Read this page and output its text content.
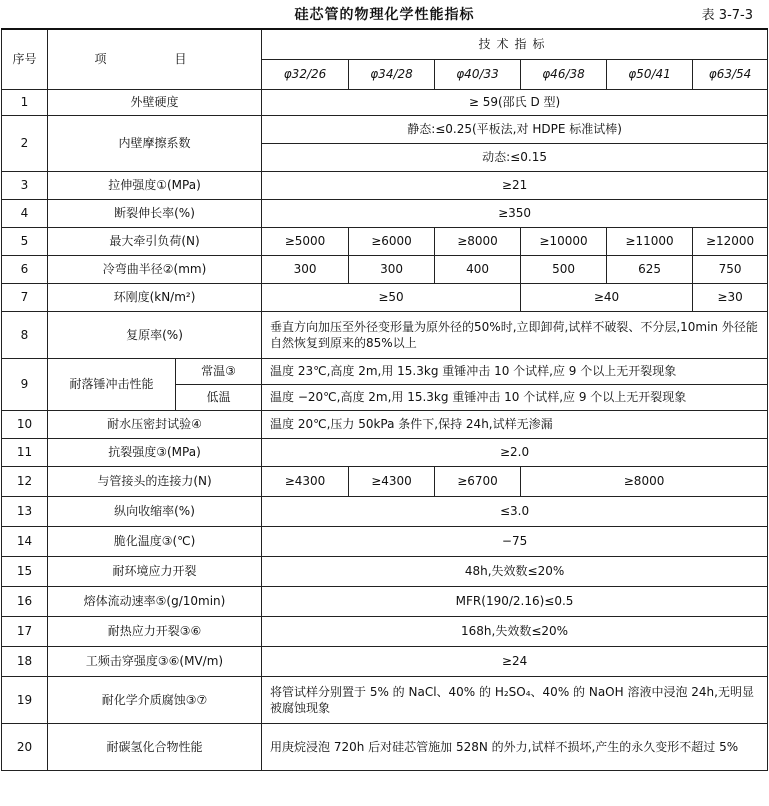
硅芯管的物理化学性能指标	表 3-7-3
序号	项　目		技术指标					
			φ32/26	φ34/28	φ40/33	φ46/38	φ50/41	φ63/54
1	外壁硬度		≥ 59(邵氏 D 型)					
2	内壁摩擦系数		静态:≤0.25(平板法,对 HDPE 标准试棒)					
			动态:≤0.15					
3	拉伸强度①(MPa)		≥21					
4	断裂伸长率(%)		≥350					
5	最大牵引负荷(N)		≥5000	≥6000	≥8000	≥10000	≥11000	≥12000
6	冷弯曲半径②(mm)		300	300	400	500	625	750
7	环刚度(kN/m²)		≥50			≥40		≥30
8	复原率(%)		垂直方向加压至外径变形量为原外径的50%时,立即卸荷,试样不破裂、不分层,10min 外径能自然恢复到原来的85%以上					
9	耐落锤冲击性能	常温③	温度 23℃,高度 2m,用 15.3kg 重锤冲击 10 个试样,应 9 个以上无开裂现象					
		低温	温度 −20℃,高度 2m,用 15.3kg 重锤冲击 10 个试样,应 9 个以上无开裂现象					
10	耐水压密封试验④		温度 20℃,压力 50kPa 条件下,保持 24h,试样无渗漏					
11	抗裂强度③(MPa)		≥2.0					
12	与管接头的连接力(N)		≥4300	≥4300	≥6700	≥8000		
13	纵向收缩率(%)		≤3.0					
14	脆化温度③(℃)		−75					
15	耐环境应力开裂		48h,失效数≤20%					
16	熔体流动速率⑤(g/10min)		MFR(190/2.16)≤0.5					
17	耐热应力开裂③⑥		168h,失效数≤20%					
18	工频击穿强度③⑥(MV/m)		≥24					
19	耐化学介质腐蚀③⑦		将管试样分别置于 5% 的 NaCl、40% 的 H₂SO₄、40% 的 NaOH 溶液中浸泡 24h,无明显被腐蚀现象					
20	耐碳氢化合物性能		用庚烷浸泡 720h 后对硅芯管施加 528N 的外力,试样不损坏,产生的永久变形不超过 5%					
